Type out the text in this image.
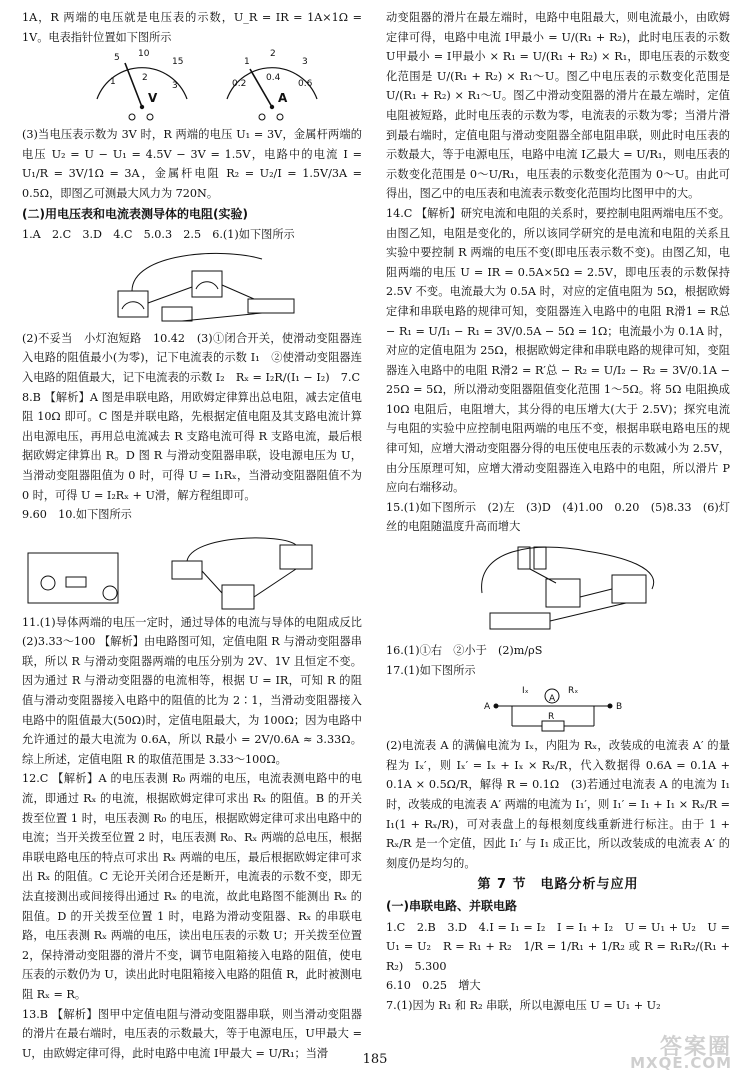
1A，R 两端的电压就是电压表的示数，U_R = IR = 1A×1Ω = 1V。电表指针位置如下图所示

5 10
15
1	2
3
V
1
2
3
0.2
0.4
0.6
A

(3)当电压表示数为 3V 时，R 两端的电压 U₁ = 3V，金属杆两端的电压 U₂ = U − U₁ = 4.5V − 3V = 1.5V，电路中的电流 I = U₁/R = 3V/1Ω = 3A，金属杆电阻 R₂ = U₂/I = 1.5V/3A = 0.5Ω，即图乙可测最大风力为 720N。

(二)用电压表和电流表测导体的电阻(实验)

1.A　2.C　3.D　4.C　5.0.3　2.5　6.(1)如下图所示

(2)不妥当　小灯泡短路　10.42　(3)①闭合开关，使滑动变阻器连入电路的阻值最小(为零)，记下电流表的示数 I₁　②使滑动变阻器连入电路的阻值最大，记下电流表的示数 I₂　Rₓ = I₂R/(I₁ − I₂)　7.C

8.B 【解析】A 图是串联电路，用欧姆定律算出总电阻，减去定值电阻 10Ω 即可。C 图是并联电路，先根据定值电阻及其支路电流计算出电源电压，再用总电流减去 R 支路电流可得 R 支路电流，最后根据欧姆定律算出 R。D 图 R 与滑动变阻器串联，设电源电压为 U，当滑动变阻器阻值为 0 时，可得 U = I₁Rₓ，当滑动变阻器阻值不为 0 时，可得 U = I₂Rₓ + U滑，解方程组即可。

9.60　10.如下图所示

11.(1)导体两端的电压一定时，通过导体的电流与导体的电阻成反比　(2)3.33～100 【解析】由电路图可知，定值电阻 R 与滑动变阻器串联，所以 R 与滑动变阻器两端的电压分别为 2V、1V 且恒定不变。因为通过 R 与滑动变阻器的电流相等，根据 U = IR，可知 R 的阻值与滑动变阻器接入电路中的阻值的比为 2∶1，当滑动变阻器接入电路中的阻值最大(50Ω)时，定值电阻最大，为 100Ω；因为电路中允许通过的最大电流为 0.6A，所以 R最小 = 2V/0.6A ≈ 3.33Ω。综上所述，定值电阻 R 的取值范围是 3.33～100Ω。

12.C 【解析】A 的电压表测 R₀ 两端的电压，电流表测电路中的电流，即通过 Rₓ 的电流，根据欧姆定律可求出 Rₓ 的阻值。B 的开关拨至位置 1 时，电压表测 R₀ 的电压，根据欧姆定律可求出电路中的电流；当开关拨至位置 2 时，电压表测 R₀、Rₓ 两端的总电压，根据串联电路电压的特点可求出 Rₓ 两端的电压，最后根据欧姆定律可求出 Rₓ 的阻值。C 无论开关闭合还是断开，电流表的示数不变，即无法直接测出或间接得出通过 Rₓ 的电流，故此电路图不能测出 Rₓ 的阻值。D 的开关拨至位置 1 时，电路为滑动变阻器、Rₓ 的串联电路，电压表测 Rₓ 两端的电压，读出电压表的示数 U；开关拨至位置 2，保持滑动变阻器的滑片不变，调节电阻箱接入电路的阻值，使电压表的示数仍为 U，读出此时电阻箱接入电路的阻值 R，此时被测电阻 Rₓ = R。

13.B 【解析】图甲中定值电阻与滑动变阻器串联，则当滑动变阻器的滑片在最右端时，电压表的示数最大，等于电源电压，U甲最大 = U，由欧姆定律可得，此时电路中电流 I甲最大 = U/R₁；当滑

动变阻器的滑片在最左端时，电路中电阻最大，则电流最小，由欧姆定律可得，电路中电流 I甲最小 = U/(R₁ + R₂)，此时电压表的示数 U甲最小 = I甲最小 × R₁ = U/(R₁ + R₂) × R₁，即电压表的示数变化范围是 U/(R₁ + R₂) × R₁～U。图乙中电压表的示数变化范围是 U/(R₁ + R₂) × R₁～U。图乙中滑动变阻器的滑片在最左端时，定值电阻被短路，此时电压表的示数为零，电流表的示数为零；当滑片滑到最右端时，定值电阻与滑动变阻器全部电阻串联，则此时电压表的示数最大，等于电源电压，电路中电流 I乙最大 = U/R₁，则电压表的示数变化范围是 0～U/R₁，电压表的示数变化范围为 0～U。由此可得出，图乙中的电压表和电流表示数变化范围均比图甲中的大。

14.C 【解析】研究电流和电阻的关系时，要控制电阻两端电压不变。由图乙知，电阻是变化的，所以该同学研究的是电流和电阻的关系且实验中要控制 R 两端的电压不变(即电压表示数不变)。由图乙知，电阻两端的电压 U = IR = 0.5A×5Ω = 2.5V，即电压表的示数保持 2.5V 不变。电流最大为 0.5A 时，对应的定值电阻为 5Ω，根据欧姆定律和串联电路的规律可知，变阻器连入电路中的电阻 R滑1 = R总 − R₁ = U/I₁ − R₁ = 3V/0.5A − 5Ω = 1Ω；电流最小为 0.1A 时，对应的定值电阻为 25Ω，根据欧姆定律和串联电路的规律可知，变阻器连入电路中的电阻 R滑2 = R′总 − R₂ = U/I₂ − R₂ = 3V/0.1A − 25Ω = 5Ω，所以滑动变阻器阻值变化范围 1～5Ω。将 5Ω 电阻换成 10Ω 电阻后，电阻增大，其分得的电压增大(大于 2.5V)；探究电流与电阻的实验中应控制电阻两端的电压不变，根据串联电路电压的规律可知，应增大滑动变阻器分得的电压使电压表的示数减小为 2.5V，由分压原理可知，应增大滑动变阻器连入电路中的电阻，所以滑片 P 应向右端移动。

15.(1)如下图所示　(2)左　(3)D　(4)1.00　0.20　(5)8.33　(6)灯丝的电阻随温度升高而增大

16.(1)①右　②小于　(2)m/ρS

17.(1)如下图所示

Iₓ
A
Rₓ
R
A	B

(2)电流表 A 的满偏电流为 Iₓ，内阻为 Rₓ，改装成的电流表 A′ 的量程为 Iₓ′，则 Iₓ′ = Iₓ + Iₓ × Rₓ/R，代入数据得 0.6A = 0.1A + 0.1A × 0.5Ω/R，解得 R = 0.1Ω　(3)若通过电流表 A 的电流为 I₁ 时，改装成的电流表 A′ 两端的电流为 I₁′，则 I₁′ = I₁ + I₁ × Rₓ/R = I₁(1 + Rₓ/R)，可对表盘上的每根刻度线重新进行标注。由于 1 + Rₓ/R 是一个定值，因此 I₁′ 与 I₁ 成正比，所以改装成的电流表 A′ 的刻度仍是均匀的。

第 7 节　电路分析与应用

(一)串联电路、并联电路

1.C　2.B　3.D　4.I = I₁ = I₂　I = I₁ + I₂　U = U₁ + U₂　U = U₁ = U₂　R = R₁ + R₂　1/R = 1/R₁ + 1/R₂ 或 R = R₁R₂/(R₁ + R₂)　5.300

6.10　0.25　增大

7.(1)因为 R₁ 和 R₂ 串联，所以电源电压 U = U₁ + U₂

答案圈
MXQE.COM
185
